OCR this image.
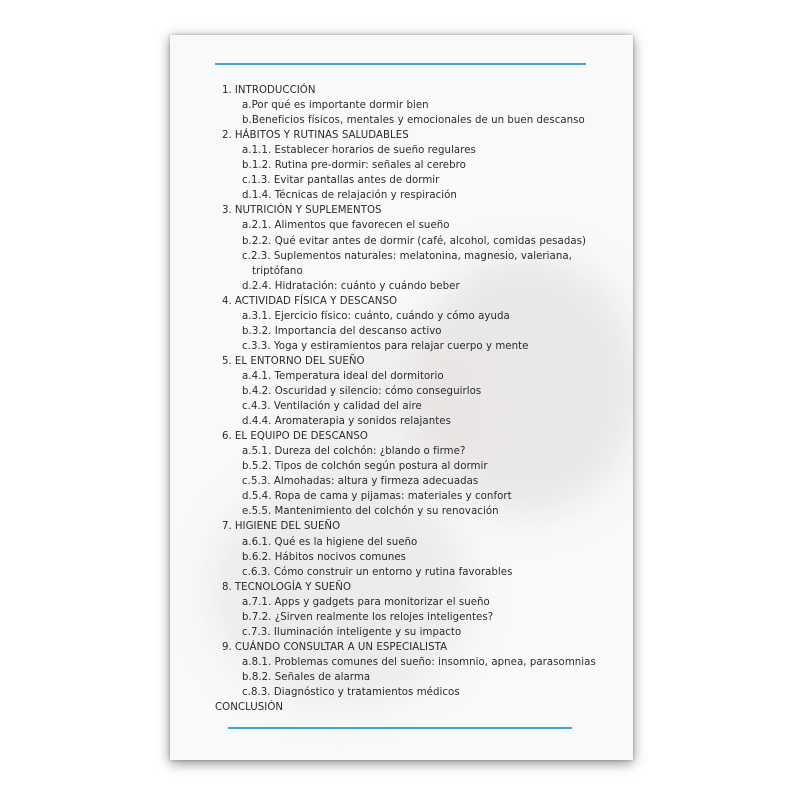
1. INTRODUCCIÓN
a.Por qué es importante dormir bien
b.Beneficios físicos, mentales y emocionales de un buen descanso
2. HÁBITOS Y RUTINAS SALUDABLES
a.1.1. Establecer horarios de sueño regulares
b.1.2. Rutina pre-dormir: señales al cerebro
c.1.3. Evitar pantallas antes de dormir
d.1.4. Técnicas de relajación y respiración
3. NUTRICIÓN Y SUPLEMENTOS
a.2.1. Alimentos que favorecen el sueño
b.2.2. Qué evitar antes de dormir (café, alcohol, comidas pesadas)
c.2.3. Suplementos naturales: melatonina, magnesio, valeriana,
triptófano
d.2.4. Hidratación: cuánto y cuándo beber
4. ACTIVIDAD FÍSICA Y DESCANSO
a.3.1. Ejercicio físico: cuánto, cuándo y cómo ayuda
b.3.2. Importancia del descanso activo
c.3.3. Yoga y estiramientos para relajar cuerpo y mente
5. EL ENTORNO DEL SUEÑO
a.4.1. Temperatura ideal del dormitorio
b.4.2. Oscuridad y silencio: cómo conseguirlos
c.4.3. Ventilación y calidad del aire
d.4.4. Aromaterapia y sonidos relajantes
6. EL EQUIPO DE DESCANSO
a.5.1. Dureza del colchón: ¿blando o firme?
b.5.2. Tipos de colchón según postura al dormir
c.5.3. Almohadas: altura y firmeza adecuadas
d.5.4. Ropa de cama y pijamas: materiales y confort
e.5.5. Mantenimiento del colchón y su renovación
7. HIGIENE DEL SUEÑO
a.6.1. Qué es la higiene del sueño
b.6.2. Hábitos nocivos comunes
c.6.3. Cómo construir un entorno y rutina favorables
8. TECNOLOGÍA Y SUEÑO
a.7.1. Apps y gadgets para monitorizar el sueño
b.7.2. ¿Sirven realmente los relojes inteligentes?
c.7.3. Iluminación inteligente y su impacto
9. CUÁNDO CONSULTAR A UN ESPECIALISTA
a.8.1. Problemas comunes del sueño: insomnio, apnea, parasomnias
b.8.2. Señales de alarma
c.8.3. Diagnóstico y tratamientos médicos
CONCLUSIÓN
